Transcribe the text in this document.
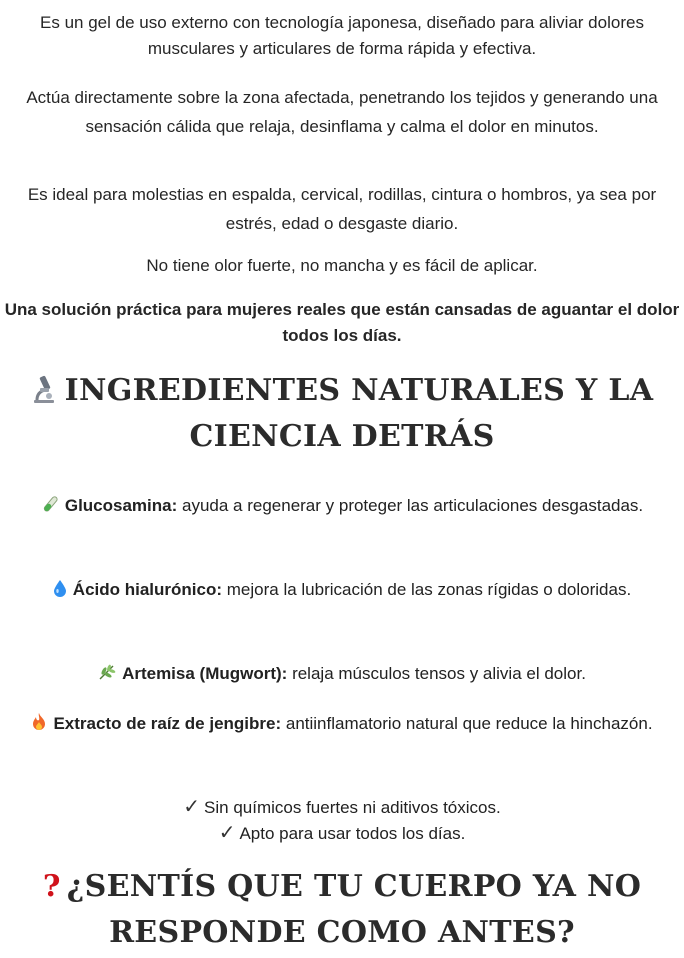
Es un gel de uso externo con tecnología japonesa, diseñado para aliviar dolores musculares y articulares de forma rápida y efectiva.

Actúa directamente sobre la zona afectada, penetrando los tejidos y generando una sensación cálida que relaja, desinflama y calma el dolor en minutos.

Es ideal para molestias en espalda, cervical, rodillas, cintura o hombros, ya sea por estrés, edad o desgaste diario.

No tiene olor fuerte, no mancha y es fácil de aplicar.

Una solución práctica para mujeres reales que están cansadas de aguantar el dolor todos los días.

INGREDIENTES NATURALES Y LA CIENCIA DETRÁS
Glucosamina: ayuda a regenerar y proteger las articulaciones desgastadas.
Ácido hialurónico: mejora la lubricación de las zonas rígidas o doloridas.
Artemisa (Mugwort): relaja músculos tensos y alivia el dolor.
Extracto de raíz de jengibre: antiinflamatorio natural que reduce la hinchazón.
✓ Sin químicos fuertes ni aditivos tóxicos.
✓ Apto para usar todos los días.
? ¿SENTÍS QUE TU CUERPO YA NO RESPONDE COMO ANTES?
